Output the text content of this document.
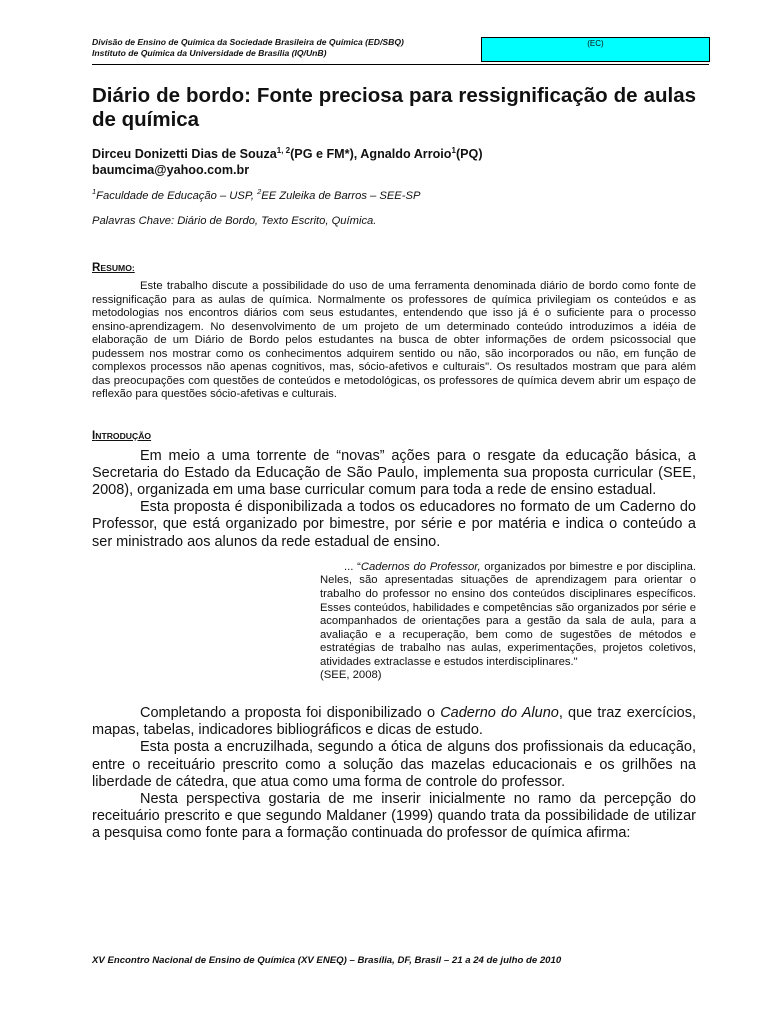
Divisão de Ensino de Química da Sociedade Brasileira de Química (ED/SBQ)
Instituto de Química da Universidade de Brasília (IQ/UnB)
(EC)
Diário de bordo: Fonte preciosa para ressignificação de aulas de química
Dirceu Donizetti Dias de Souza$^{1, 2}$(PG e FM*), Agnaldo Arroio$^1$(PQ)
baumcima@yahoo.com.br
$^1$Faculdade de Educação – USP, $^2$EE Zuleika de Barros – SEE-SP
Palavras Chave: Diário de Bordo, Texto Escrito, Química.
RESUMO:

Este trabalho discute a possibilidade do uso de uma ferramenta denominada diário de bordo como fonte de ressignificação para as aulas de química. Normalmente os professores de química privilegiam os conteúdos e as metodologias nos encontros diários com seus estudantes, entendendo que isso já é o suficiente para o processo ensino-aprendizagem. No desenvolvimento de um projeto de um determinado conteúdo introduzimos a idéia de elaboração de um Diário de Bordo pelos estudantes na busca de obter informações de ordem psicossocial que pudessem nos mostrar como os conhecimentos adquirem sentido ou não, são incorporados ou não, em função de complexos processos não apenas cognitivos, mas, sócio-afetivos e culturais". Os resultados mostram que para além das preocupações com questões de conteúdos e metodológicas, os professores de química devem abrir um espaço de reflexão para questões sócio-afetivas e culturais.

INTRODUÇÃO

Em meio a uma torrente de “novas” ações para o resgate da educação básica, a Secretaria do Estado da Educação de São Paulo, implementa sua proposta curricular (SEE, 2008), organizada em uma base curricular comum para toda a rede de ensino estadual.

Esta proposta é disponibilizada a todos os educadores no formato de um Caderno do Professor, que está organizado por bimestre, por série e por matéria e indica o conteúdo a ser ministrado aos alunos da rede estadual de ensino.

... “Cadernos do Professor, organizados por bimestre e por disciplina. Neles, são apresentadas situações de aprendizagem para orientar o trabalho do professor no ensino dos conteúdos disciplinares específicos. Esses conteúdos, habilidades e competências são organizados por série e acompanhados de orientações para a gestão da sala de aula, para a avaliação e a recuperação, bem como de sugestões de métodos e estratégias de trabalho nas aulas, experimentações, projetos coletivos, atividades extraclasse e estudos interdisciplinares."

(SEE, 2008)

Completando a proposta foi disponibilizado o Caderno do Aluno, que traz exercícios, mapas, tabelas, indicadores bibliográficos e dicas de estudo.

Esta posta a encruzilhada, segundo a ótica de alguns dos profissionais da educação, entre o receituário prescrito como a solução das mazelas educacionais e os grilhões na liberdade de cátedra, que atua como uma forma de controle do professor.

Nesta perspectiva gostaria de me inserir inicialmente no ramo da percepção do receituário prescrito e que segundo Maldaner (1999) quando trata da possibilidade de utilizar a pesquisa como fonte para a formação continuada do professor de química afirma:

XV Encontro Nacional de Ensino de Química (XV ENEQ) – Brasília, DF, Brasil – 21 a 24 de julho de 2010
